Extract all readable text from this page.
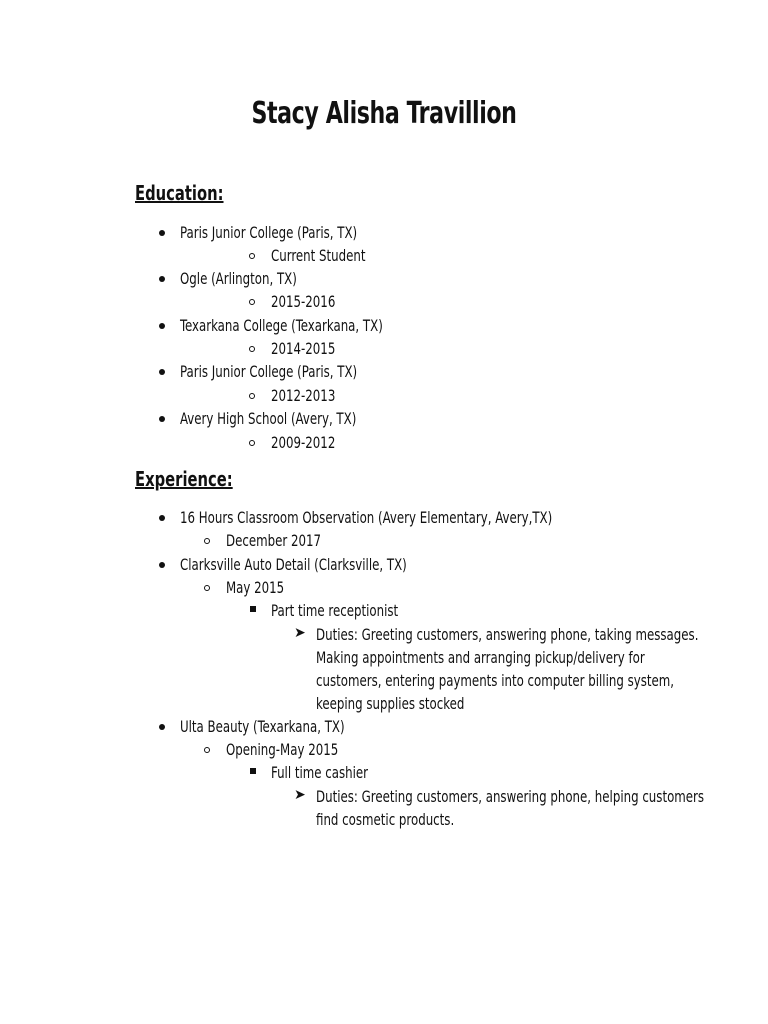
Stacy Alisha Travillion
Education:
Paris Junior College (Paris, TX)
Current Student
Ogle (Arlington, TX)
2015-2016
Texarkana College (Texarkana, TX)
2014-2015
Paris Junior College (Paris, TX)
2012-2013
Avery High School (Avery, TX)
2009-2012
Experience:
16 Hours Classroom Observation (Avery Elementary, Avery,TX)
December 2017
Clarksville Auto Detail (Clarksville, TX)
May 2015
Part time receptionist
➤ Duties: Greeting customers, answering phone, taking messages.
Making appointments and arranging pickup/delivery for
customers, entering payments into computer billing system,
keeping supplies stocked
Ulta Beauty (Texarkana, TX)
Opening-May 2015
Full time cashier
➤ Duties: Greeting customers, answering phone, helping customers
find cosmetic products.
